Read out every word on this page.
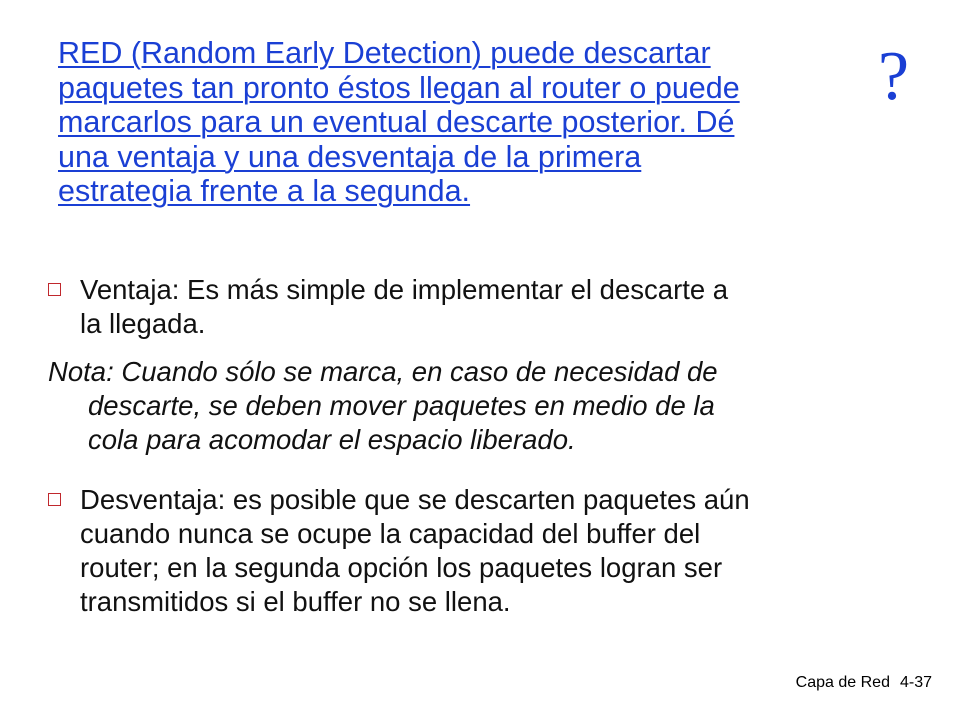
RED (Random Early Detection) puede descartar
paquetes tan pronto éstos llegan al router o puede
marcarlos para un eventual descarte posterior. Dé
una ventaja y una desventaja de la primera
estrategia frente a la segunda.
?
Ventaja: Es más simple de implementar el descarte a
la llegada.
Nota: Cuando sólo se marca, en caso de necesidad de
descarte, se deben mover paquetes en medio de la
cola para acomodar el espacio liberado.
Desventaja: es posible que se descarten paquetes aún
cuando nunca se ocupe la capacidad del buffer del
router; en la segunda opción los paquetes logran ser
transmitidos si el buffer no se llena.
Capa de Red 4-37
